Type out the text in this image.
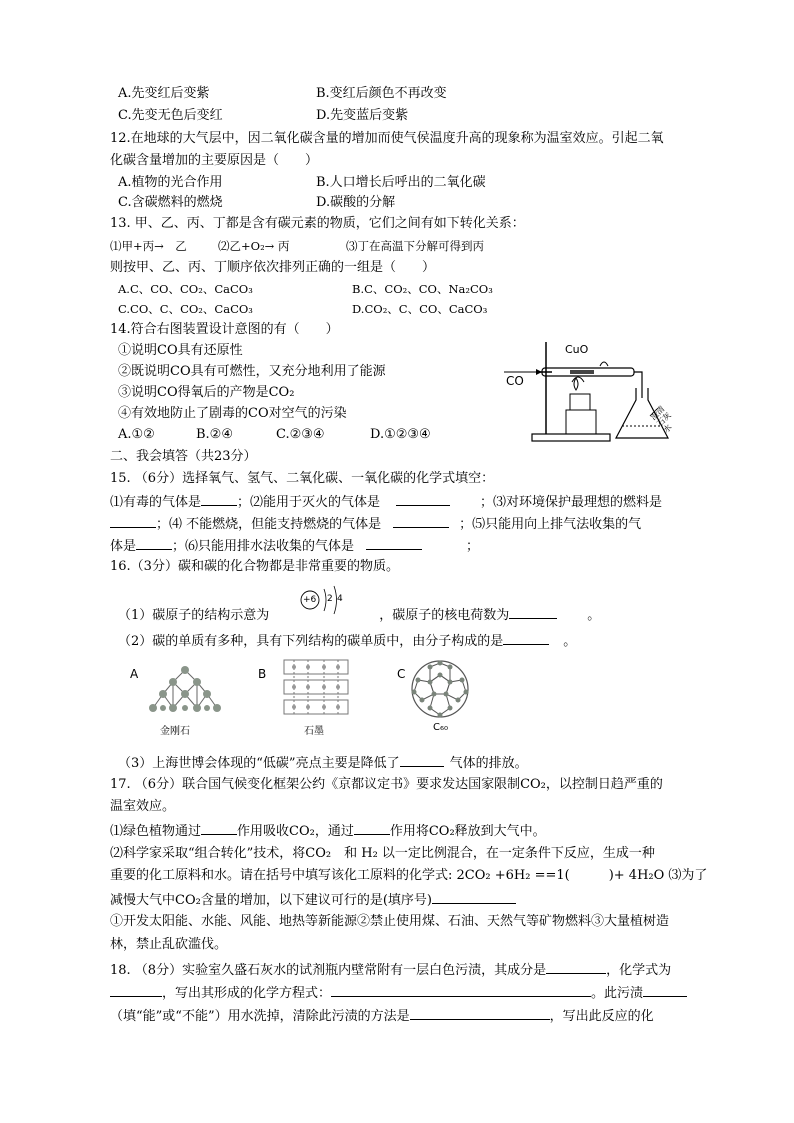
A.先变红后变紫	B.变红后颜色不再改变
C.先变无色后变红	D.先变蓝后变紫
12.在地球的大气层中，因二氧化碳含量的增加而使气侯温度升高的现象称为温室效应。引起二氧
化碳含量增加的主要原因是（　　）
A.植物的光合作用	B.人口增长后呼出的二氧化碳
C.含碳燃料的燃烧	D.碳酸的分解
13. 甲、乙、丙、丁都是含有碳元素的物质，它们之间有如下转化关系：
⑴甲+丙→　乙	⑵乙+O₂→ 丙	⑶丁在高温下分解可得到丙
则按甲、乙、丙、丁顺序依次排列正确的一组是（　　）
A.C、CO、CO₂、CaCO₃	B.C、CO₂、CO、Na₂CO₃
C.CO、C、CO₂、CaCO₃	D.CO₂、C、CO、CaCO₃
14.符合右图装置设计意图的有（　　）
①说明CO具有还原性
②既说明CO具有可燃性，又充分地利用了能源
③说明CO得氧后的产物是CO₂
④有效地防止了剧毒的CO对空气的污染
A.①②	B.②④	C.②③④	D.①②③④
CuO
CO
澄清石灰水
二、我会填答（共23分）
15. （6分）选择氧气、氢气、二氧化碳、一氧化碳的化学式填空：
⑴有毒的气体是	；⑵能用于灭火的气体是	；⑶对环境保护最理想的燃料是
；⑷ 不能燃烧，但能支持燃烧的气体是	；⑸只能用向上排气法收集的气
体是	；⑹只能用排水法收集的气体是	；
16.（3分）碳和碳的化合物都是非常重要的物质。
（1）碳原子的结构示意为	，碳原子的核电荷数为	。
+6 2 4
（2）碳的单质有多种，具有下列结构的碳单质中，由分子构成的是	。
A	B	C
金刚石	石墨	C₆₀
（3）上海世博会体现的“低碳”亮点主要是降低了	气体的排放。
17. （6分）联合国气候变化框架公约《京都议定书》要求发达国家限制CO₂，以控制日趋严重的
温室效应。
⑴绿色植物通过	作用吸收CO₂，通过	作用将CO₂释放到大气中。
⑵科学家采取“组合转化”技术，将CO₂　和 H₂ 以一定比例混合，在一定条件下反应，生成一种
重要的化工原料和水。请在括号中填写该化工原料的化学式: 2CO₂ +6H₂ ==1(　　　)+ 4H₂O ⑶为了
减慢大气中CO₂含量的增加，以下建议可行的是(填序号)
①开发太阳能、水能、风能、地热等新能源②禁止使用煤、石油、天然气等矿物燃料③大量植树造
林，禁止乱砍滥伐。
18. （8分）实验室久盛石灰水的试剂瓶内壁常附有一层白色污渍，其成分是	，化学式为
，写出其形成的化学方程式：	。此污渍
（填“能”或“不能”）用水洗掉，清除此污渍的方法是	，写出此反应的化
